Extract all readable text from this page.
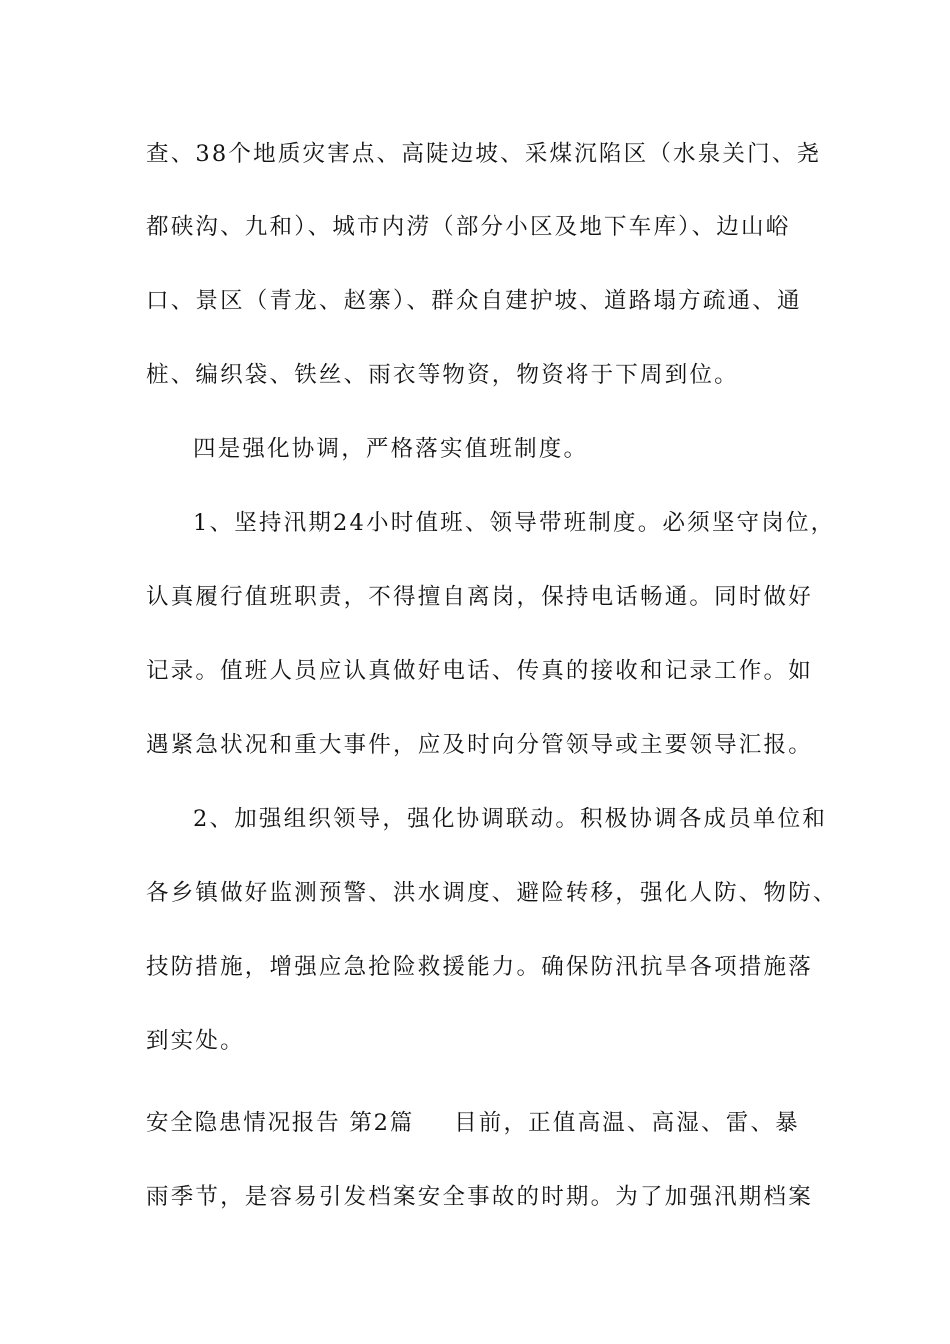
查、38个地质灾害点、高陡边坡、采煤沉陷区（水泉关门、尧
都硖沟、九和）、城市内涝（部分小区及地下车库）、边山峪
口、景区（青龙、赵寨）、群众自建护坡、道路塌方疏通、通
桩、编织袋、铁丝、雨衣等物资，物资将于下周到位。
四是强化协调，严格落实值班制度。
1、坚持汛期24小时值班、领导带班制度。必须坚守岗位，
认真履行值班职责，不得擅自离岗，保持电话畅通。同时做好
记录。值班人员应认真做好电话、传真的接收和记录工作。如
遇紧急状况和重大事件，应及时向分管领导或主要领导汇报。
2、加强组织领导，强化协调联动。积极协调各成员单位和
各乡镇做好监测预警、洪水调度、避险转移，强化人防、物防、
技防措施，增强应急抢险救援能力。确保防汛抗旱各项措施落
到实处。
安全隐患情况报告 第2篇 目前，正值高温、高湿、雷、暴
雨季节，是容易引发档案安全事故的时期。为了加强汛期档案
